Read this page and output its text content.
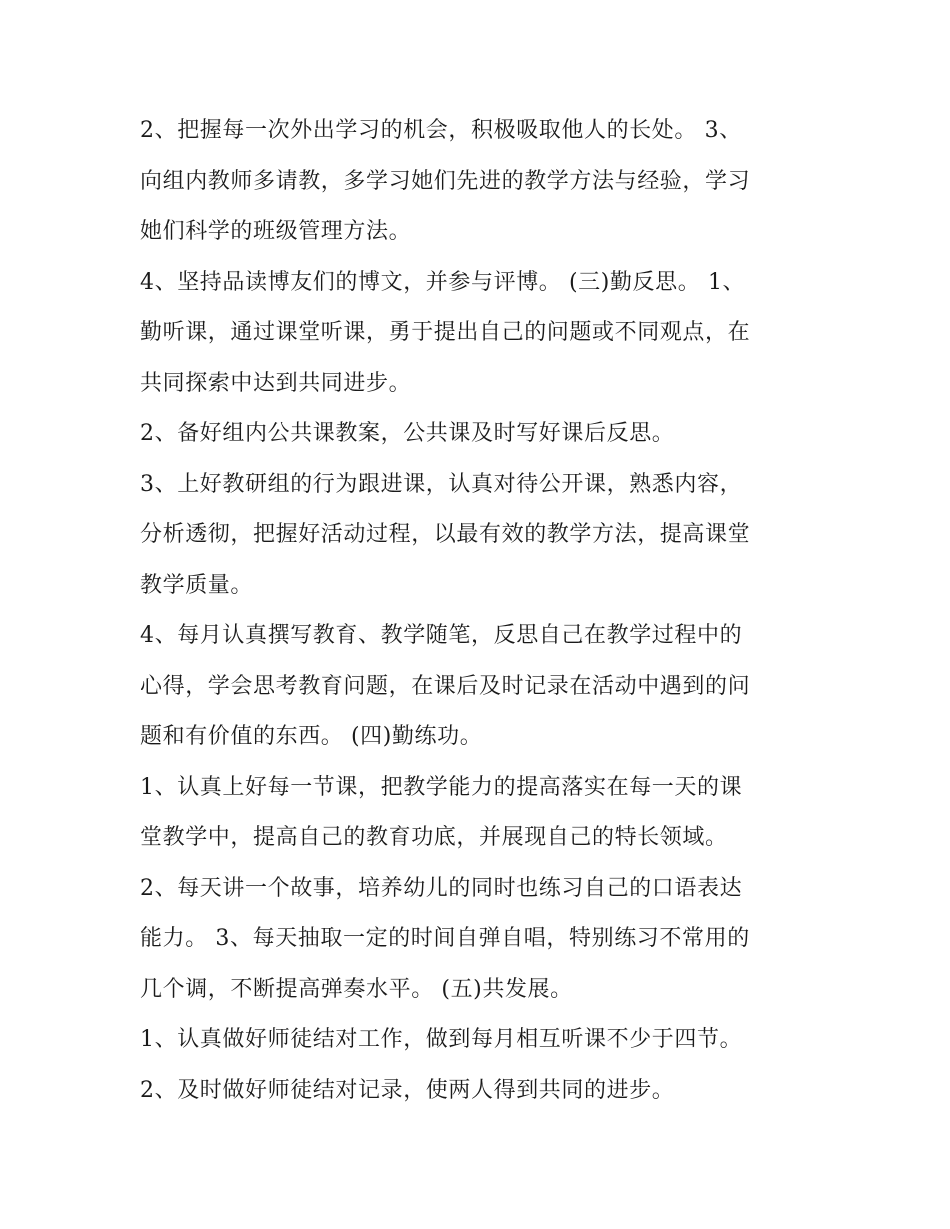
2、把握每一次外出学习的机会，积极吸取他人的长处。 3、
向组内教师多请教，多学习她们先进的教学方法与经验，学习
她们科学的班级管理方法。
4、坚持品读博友们的博文，并参与评博。 (三)勤反思。 1、
勤听课，通过课堂听课，勇于提出自己的问题或不同观点，在
共同探索中达到共同进步。
2、备好组内公共课教案，公共课及时写好课后反思。
3、上好教研组的行为跟进课，认真对待公开课，熟悉内容，
分析透彻，把握好活动过程，以最有效的教学方法，提高课堂
教学质量。
4、每月认真撰写教育、教学随笔，反思自己在教学过程中的
心得，学会思考教育问题，在课后及时记录在活动中遇到的问
题和有价值的东西。 (四)勤练功。
1、认真上好每一节课，把教学能力的提高落实在每一天的课
堂教学中，提高自己的教育功底，并展现自己的特长领域。
2、每天讲一个故事，培养幼儿的同时也练习自己的口语表达
能力。 3、每天抽取一定的时间自弹自唱，特别练习不常用的
几个调，不断提高弹奏水平。 (五)共发展。
1、认真做好师徒结对工作，做到每月相互听课不少于四节。
2、及时做好师徒结对记录，使两人得到共同的进步。
